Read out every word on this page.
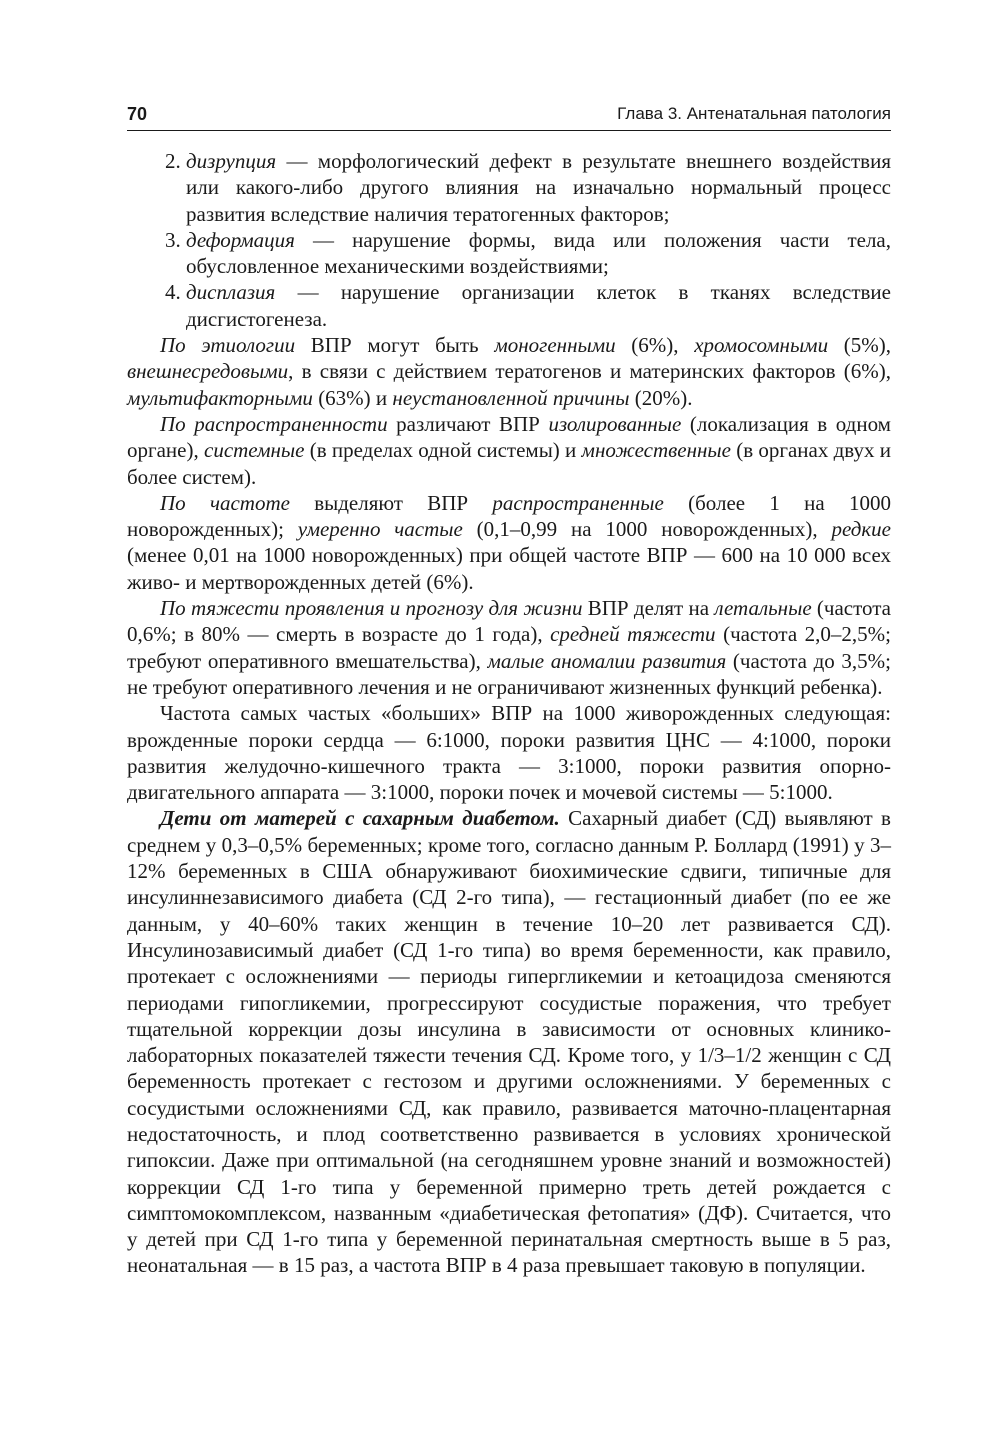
70	Глава 3. Антенатальная патология
2. дизрупция — морфологический дефект в результате внешнего воздействия или какого-либо другого влияния на изначально нормальный процесс развития вследствие наличия тератогенных факторов;
3. деформация — нарушение формы, вида или положения части тела, обусловленное механическими воздействиями;
4. дисплазия — нарушение организации клеток в тканях вследствие дисгистогенеза.

По этиологии ВПР могут быть моногенными (6%), хромосомными (5%), внешнесредовыми, в связи с действием тератогенов и материнских факторов (6%), мультифакторными (63%) и неустановленной причины (20%).

По распространенности различают ВПР изолированные (локализация в одном органе), системные (в пределах одной системы) и множественные (в органах двух и более систем).

По частоте выделяют ВПР распространенные (более 1 на 1000 новорожденных); умеренно частые (0,1–0,99 на 1000 новорожденных), редкие (менее 0,01 на 1000 новорожденных) при общей частоте ВПР — 600 на 10 000 всех живо- и мертворожденных детей (6%).

По тяжести проявления и прогнозу для жизни ВПР делят на летальные (частота 0,6%; в 80% — смерть в возрасте до 1 года), средней тяжести (частота 2,0–2,5%; требуют оперативного вмешательства), малые аномалии развития (частота до 3,5%; не требуют оперативного лечения и не ограничивают жизненных функций ребенка).

Частота самых частых «больших» ВПР на 1000 живорожденных следующая: врожденные пороки сердца — 6:1000, пороки развития ЦНС — 4:1000, пороки развития желудочно-кишечного тракта — 3:1000, пороки развития опорно-двигательного аппарата — 3:1000, пороки почек и мочевой системы — 5:1000.

Дети от матерей с сахарным диабетом. Сахарный диабет (СД) выявляют в среднем у 0,3–0,5% беременных; кроме того, согласно данным Р. Боллард (1991) у 3–12% беременных в США обнаруживают биохимические сдвиги, типичные для инсулиннезависимого диабета (СД 2-го типа), — гестационный диабет (по ее же данным, у 40–60% таких женщин в течение 10–20 лет развивается СД). Инсулинозависимый диабет (СД 1-го типа) во время беременности, как правило, протекает с осложнениями — периоды гипергликемии и кетоацидоза сменяются периодами гипогликемии, прогрессируют сосудистые поражения, что требует тщательной коррекции дозы инсулина в зависимости от основных клинико-лабораторных показателей тяжести течения СД. Кроме того, у 1/3–1/2 женщин с СД беременность протекает с гестозом и другими осложнениями. У беременных с сосудистыми осложнениями СД, как правило, развивается маточно-плацентарная недостаточность, и плод соответственно развивается в условиях хронической гипоксии. Даже при оптимальной (на сегодняшнем уровне знаний и возможностей) коррекции СД 1-го типа у беременной примерно треть детей рождается с симптомокомплексом, названным «диабетическая фетопатия» (ДФ). Считается, что у детей при СД 1-го типа у беременной перинатальная смертность выше в 5 раз, неонатальная — в 15 раз, а частота ВПР в 4 раза превышает таковую в популяции.
